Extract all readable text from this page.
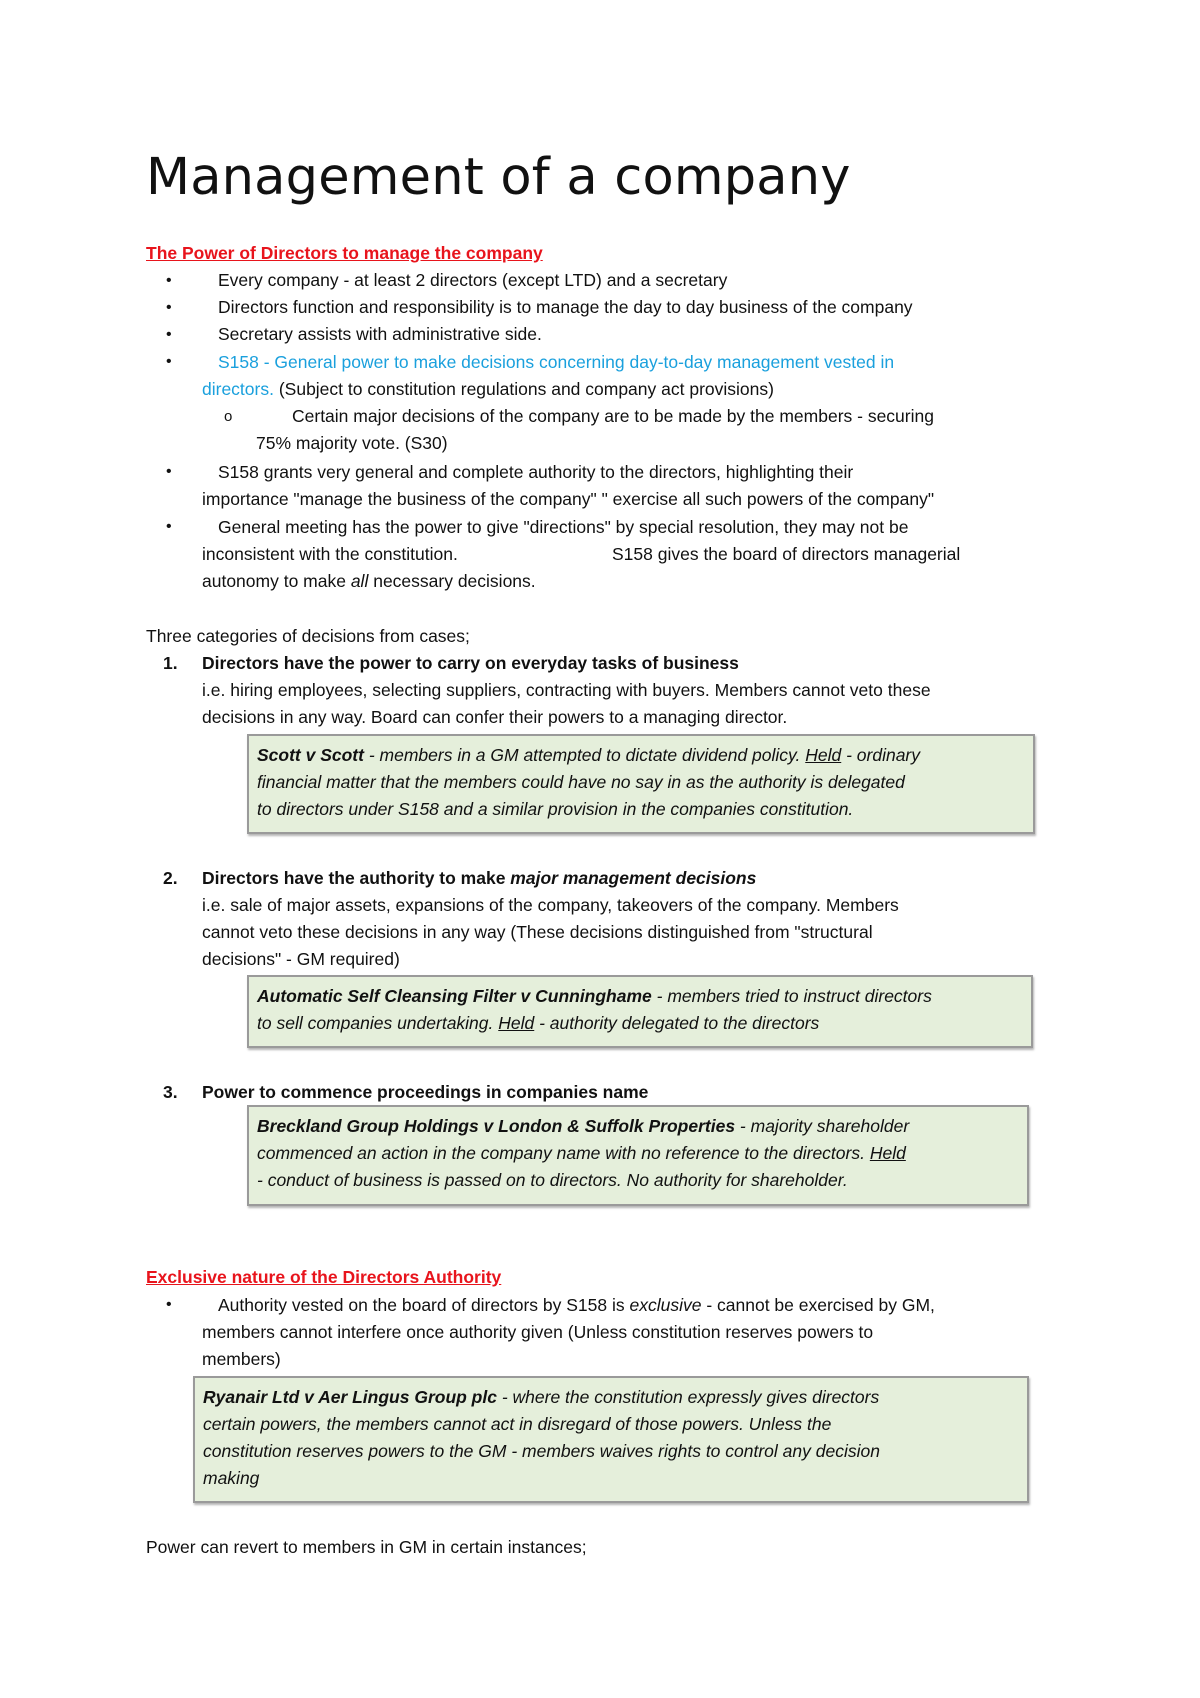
Management of a company
The Power of Directors to manage the company
•	Every company - at least 2 directors (except LTD) and a secretary
•	Directors function and responsibility is to manage the day to day business of the company
•	Secretary assists with administrative side.
•	S158 - General power to make decisions concerning day-to-day management vested in
directors. (Subject to constitution regulations and company act provisions)
o	Certain major decisions of the company are to be made by the members - securing
75% majority vote. (S30)
•	S158 grants very general and complete authority to the directors, highlighting their
importance "manage the business of the company" " exercise all such powers of the company"
•	General meeting has the power to give "directions" by special resolution, they may not be
inconsistent with the constitution.	S158 gives the board of directors managerial
autonomy to make all necessary decisions.
Three categories of decisions from cases;
1. Directors have the power to carry on everyday tasks of business
i.e. hiring employees, selecting suppliers, contracting with buyers. Members cannot veto these
decisions in any way. Board can confer their powers to a managing director.
Scott v Scott - members in a GM attempted to dictate dividend policy. Held - ordinary
financial matter that the members could have no say in as the authority is delegated
to directors under S158 and a similar provision in the companies constitution.
2. Directors have the authority to make major management decisions
i.e. sale of major assets, expansions of the company, takeovers of the company. Members
cannot veto these decisions in any way (These decisions distinguished from "structural
decisions" - GM required)
Automatic Self Cleansing Filter v Cunninghame - members tried to instruct directors
to sell companies undertaking. Held - authority delegated to the directors
3. Power to commence proceedings in companies name
Breckland Group Holdings v London & Suffolk Properties - majority shareholder
commenced an action in the company name with no reference to the directors. Held
- conduct of business is passed on to directors. No authority for shareholder.
Exclusive nature of the Directors Authority
•	Authority vested on the board of directors by S158 is exclusive - cannot be exercised by GM,
members cannot interfere once authority given (Unless constitution reserves powers to
members)
Ryanair Ltd v Aer Lingus Group plc - where the constitution expressly gives directors
certain powers, the members cannot act in disregard of those powers. Unless the
constitution reserves powers to the GM - members waives rights to control any decision
making
Power can revert to members in GM in certain instances;
